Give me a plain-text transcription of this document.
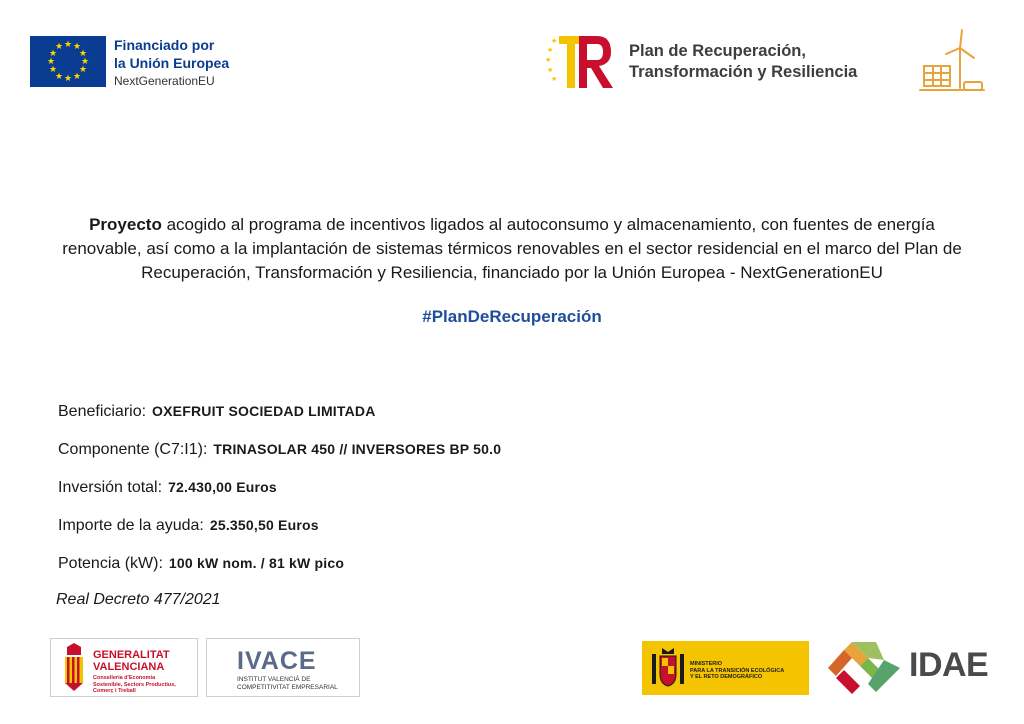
★ ★
★
★
★
★
★
★
★
★
★
★	Financiado por
la Unión Europea
NextGenerationEU
★
★
★
★
★
Plan de Recuperación,
Transformación y Resiliencia
Proyecto acogido al programa de incentivos ligados al autoconsumo y almacenamiento, con fuentes de energía renovable, así como a la implantación de sistemas térmicos renovables en el sector residencial en el marco del Plan de Recuperación, Transformación y Resiliencia, financiado por la Unión Europea - NextGenerationEU
#PlanDeRecuperación
Beneficiario: OXEFRUIT SOCIEDAD LIMITADA
Componente (C7:I1): TRINASOLAR 450 // INVERSORES BP 50.0
Inversión total: 72.430,00 Euros
Importe de la ayuda: 25.350,50 Euros
Potencia (kW): 100 kW nom. / 81 kW pico
Real Decreto 477/2021
GENERALITAT
VALENCIANA
Conselleria d'Economia
Sostenible, Sectors Productius,
Comerç i Treball
IVACE
INSTITUT VALENCIÀ DE
COMPETITIVITAT EMPRESARIAL
MINISTERIO
PARA LA TRANSICIÓN ECOLÓGICA
Y EL RETO DEMOGRÁFICO	IDAE
